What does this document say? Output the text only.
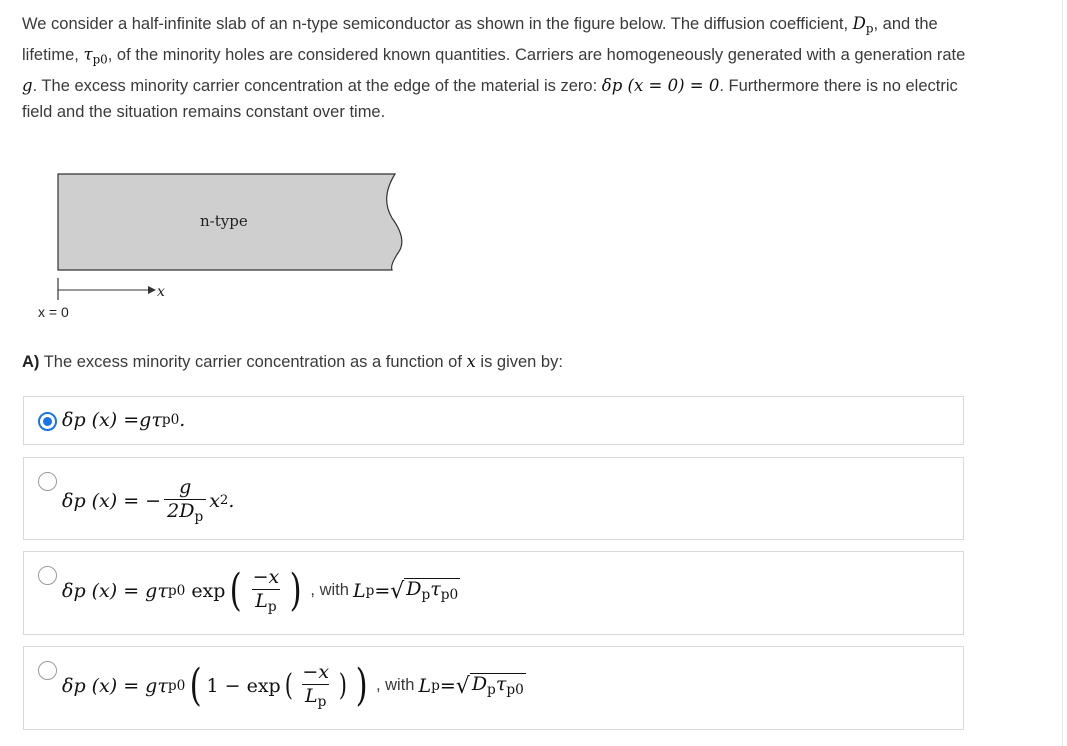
We consider a half-infinite slab of an n-type semiconductor as shown in the figure below. The diffusion coefficient, $D_p$, and the lifetime, $\tau_{p0}$, of the minority holes are considered known quantities. Carriers are homogeneously generated with a generation rate g. The excess minority carrier concentration at the edge of the material is zero: δp (x = 0) = 0. Furthermore there is no electric field and the situation remains constant over time.
n-type
x
x = 0
A) The excess minority carrier concentration as a function of x is given by:
δp (x) = gτ p0 .
δp (x) = − $\frac{g}{2D_p}$ x 2 .
δp (x) = gτ p0 exp ( $\frac{-x}{L_p}$ ) , with L p = √ $D_p\tau_{p0}$
δp (x) = gτ p0 ( 1 − exp ( $\frac{-x}{L_p}$ ) ) , with L p = √ $D_p\tau_{p0}$
